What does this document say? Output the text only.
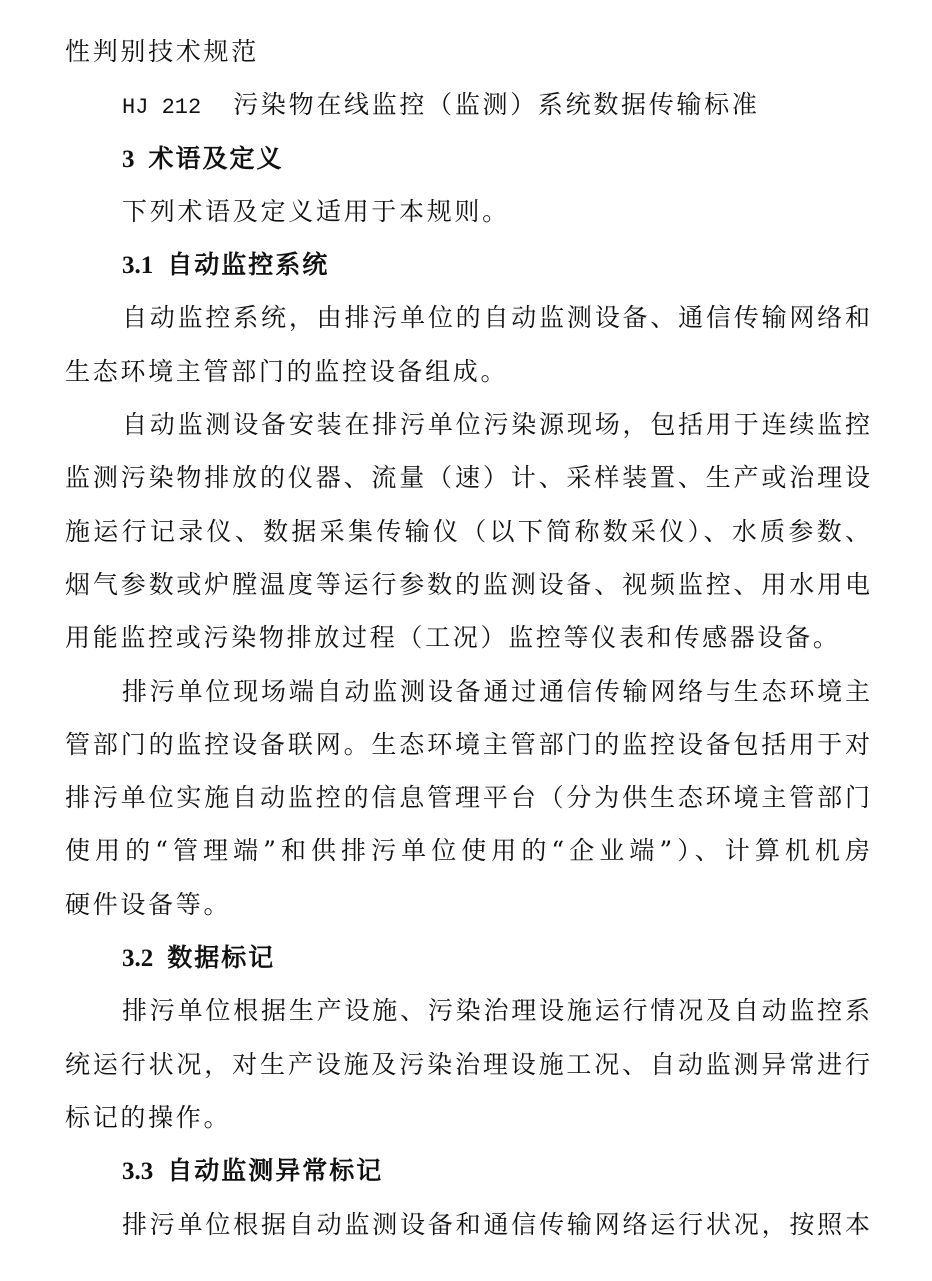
性判别技术规范
HJ 212 污染物在线监控（监测）系统数据传输标准
3 术语及定义
下列术语及定义适用于本规则。
3.1 自动监控系统
自动监控系统，由排污单位的自动监测设备、通信传输网络和
生态环境主管部门的监控设备组成。
自动监测设备安装在排污单位污染源现场，包括用于连续监控
监测污染物排放的仪器、流量（速）计、采样装置、生产或治理设
施运行记录仪、数据采集传输仪（以下简称数采仪）、水质参数、
烟气参数或炉膛温度等运行参数的监测设备、视频监控、用水用电
用能监控或污染物排放过程（工况）监控等仪表和传感器设备。
排污单位现场端自动监测设备通过通信传输网络与生态环境主
管部门的监控设备联网。生态环境主管部门的监控设备包括用于对
排污单位实施自动监控的信息管理平台（分为供生态环境主管部门
使用的“管理端”和供排污单位使用的“企业端”）、计算机机房
硬件设备等。
3.2 数据标记
排污单位根据生产设施、污染治理设施运行情况及自动监控系
统运行状况，对生产设施及污染治理设施工况、自动监测异常进行
标记的操作。
3.3 自动监测异常标记
排污单位根据自动监测设备和通信传输网络运行状况，按照本
